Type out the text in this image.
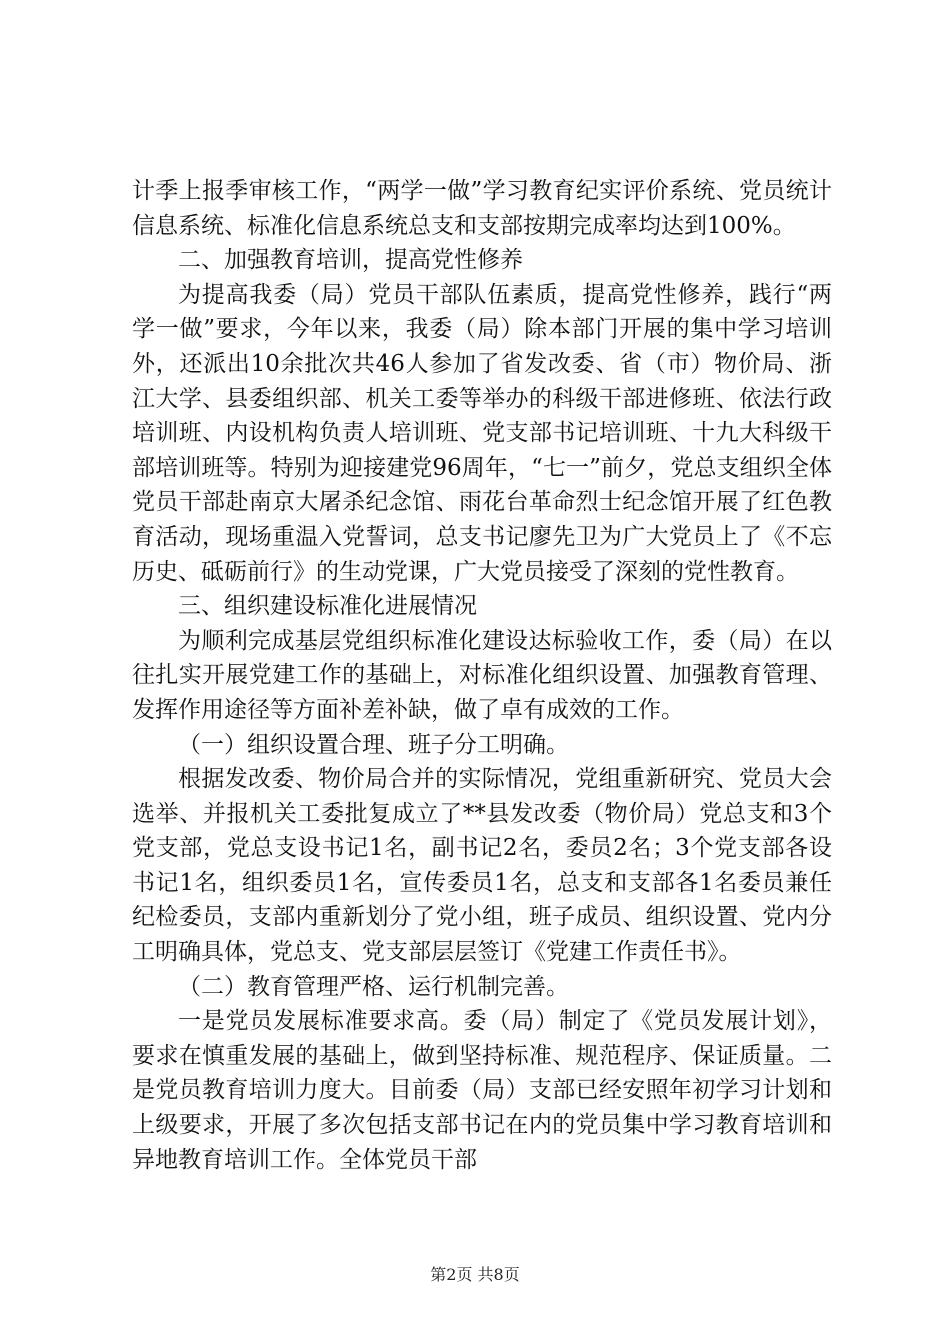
计季上报季审核工作，“两学一做”学习教育纪实评价系统、党员统计信息系统、标准化信息系统总支和支部按期完成率均达到100%。

二、加强教育培训，提高党性修养

为提高我委（局）党员干部队伍素质，提高党性修养，践行“两学一做”要求，今年以来，我委（局）除本部门开展的集中学习培训外，还派出10余批次共46人参加了省发改委、省（市）物价局、浙江大学、县委组织部、机关工委等举办的科级干部进修班、依法行政培训班、内设机构负责人培训班、党支部书记培训班、十九大科级干部培训班等。特别为迎接建党96周年，“七一”前夕，党总支组织全体党员干部赴南京大屠杀纪念馆、雨花台革命烈士纪念馆开展了红色教育活动，现场重温入党誓词，总支书记廖先卫为广大党员上了《不忘历史、砥砺前行》的生动党课，广大党员接受了深刻的党性教育。

三、组织建设标准化进展情况

为顺利完成基层党组织标准化建设达标验收工作，委（局）在以往扎实开展党建工作的基础上，对标准化组织设置、加强教育管理、发挥作用途径等方面补差补缺，做了卓有成效的工作。

（一）组织设置合理、班子分工明确。

根据发改委、物价局合并的实际情况，党组重新研究、党员大会选举、并报机关工委批复成立了**县发改委（物价局）党总支和3个党支部，党总支设书记1名，副书记2名，委员2名；3个党支部各设书记1名，组织委员1名，宣传委员1名，总支和支部各1名委员兼任纪检委员，支部内重新划分了党小组，班子成员、组织设置、党内分工明确具体，党总支、党支部层层签订《党建工作责任书》。

（二）教育管理严格、运行机制完善。

一是党员发展标准要求高。委（局）制定了《党员发展计划》，要求在慎重发展的基础上，做到坚持标准、规范程序、保证质量。二是党员教育培训力度大。目前委（局）支部已经安照年初学习计划和上级要求，开展了多次包括支部书记在内的党员集中学习教育培训和异地教育培训工作。全体党员干部

第2页 共8页
